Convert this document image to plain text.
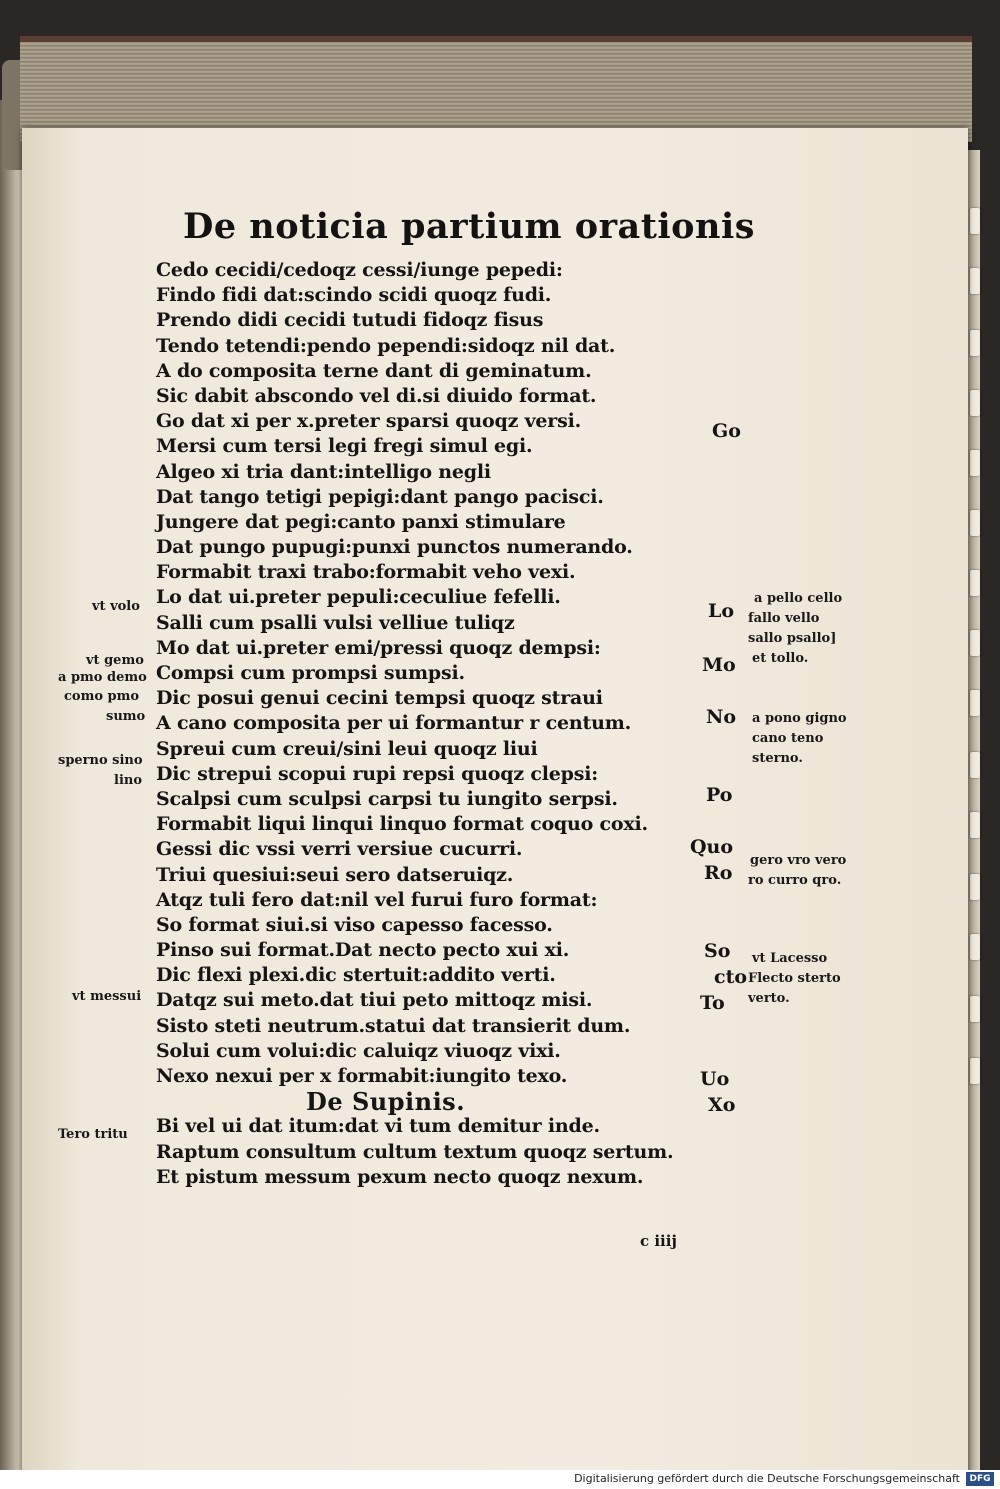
De noticia partium orationis
Cedo cecidi/cedoqz cessi/iunge pepedi:
Findo fidi dat:scindo scidi quoqz fudi.
Prendo didi cecidi tutudi fidoqz fisus
Tendo tetendi:pendo pependi:sidoqz nil dat.
A do composita terne dant di geminatum.
Sic dabit abscondo vel di.si diuido format.
Go dat xi per x.preter sparsi quoqz versi.
Mersi cum tersi legi fregi simul egi.
Algeo xi tria dant:intelligo negli
Dat tango tetigi pepigi:dant pango pacisci.
Jungere dat pegi:canto panxi stimulare
Dat pungo pupugi:punxi punctos numerando.
Formabit traxi trabo:formabit veho vexi.
Lo dat ui.preter pepuli:ceculiue fefelli.
Salli cum psalli vulsi velliue tuliqz
Mo dat ui.preter emi/pressi quoqz dempsi:
Compsi cum prompsi sumpsi.
Dic posui genui cecini tempsi quoqz straui
A cano composita per ui formantur r centum.
Spreui cum creui/sini leui quoqz liui
Dic strepui scopui rupi repsi quoqz clepsi:
Scalpsi cum sculpsi carpsi tu iungito serpsi.
Formabit liqui linqui linquo format coquo coxi.
Gessi dic vssi verri versiue cucurri.
Triui quesiui:seui sero datseruiqz.
Atqz tuli fero dat:nil vel furui furo format:
So format siui.si viso capesso facesso.
Pinso sui format.Dat necto pecto xui xi.
Dic flexi plexi.dic stertuit:addito verti.
Datqz sui meto.dat tiui peto mittoqz misi.
Sisto steti neutrum.statui dat transierit dum.
Solui cum volui:dic caluiqz viuoqz vixi.
Nexo nexui per x formabit:iungito texo.
De Supinis.
Bi vel ui dat itum:dat vi tum demitur inde.
Raptum consultum cultum textum quoqz sertum.
Et pistum messum pexum necto quoqz nexum.
vt volo
vt gemo
a pmo demo
como pmo
sumo
sperno sino
lino
vt messui
Tero tritu
Go
Lo
Mo
No
Po
Quo
Ro
So
cto
To
Uo
Xo
a pello cello
fallo vello
sallo psallo]
et tollo.
a pono gigno
cano teno
sterno.
gero vro vero
ro curro qro.
vt Lacesso
Flecto sterto
verto.
c iiij
Digitalisierung gefördert durch die Deutsche Forschungsgemeinschaft	DFG
